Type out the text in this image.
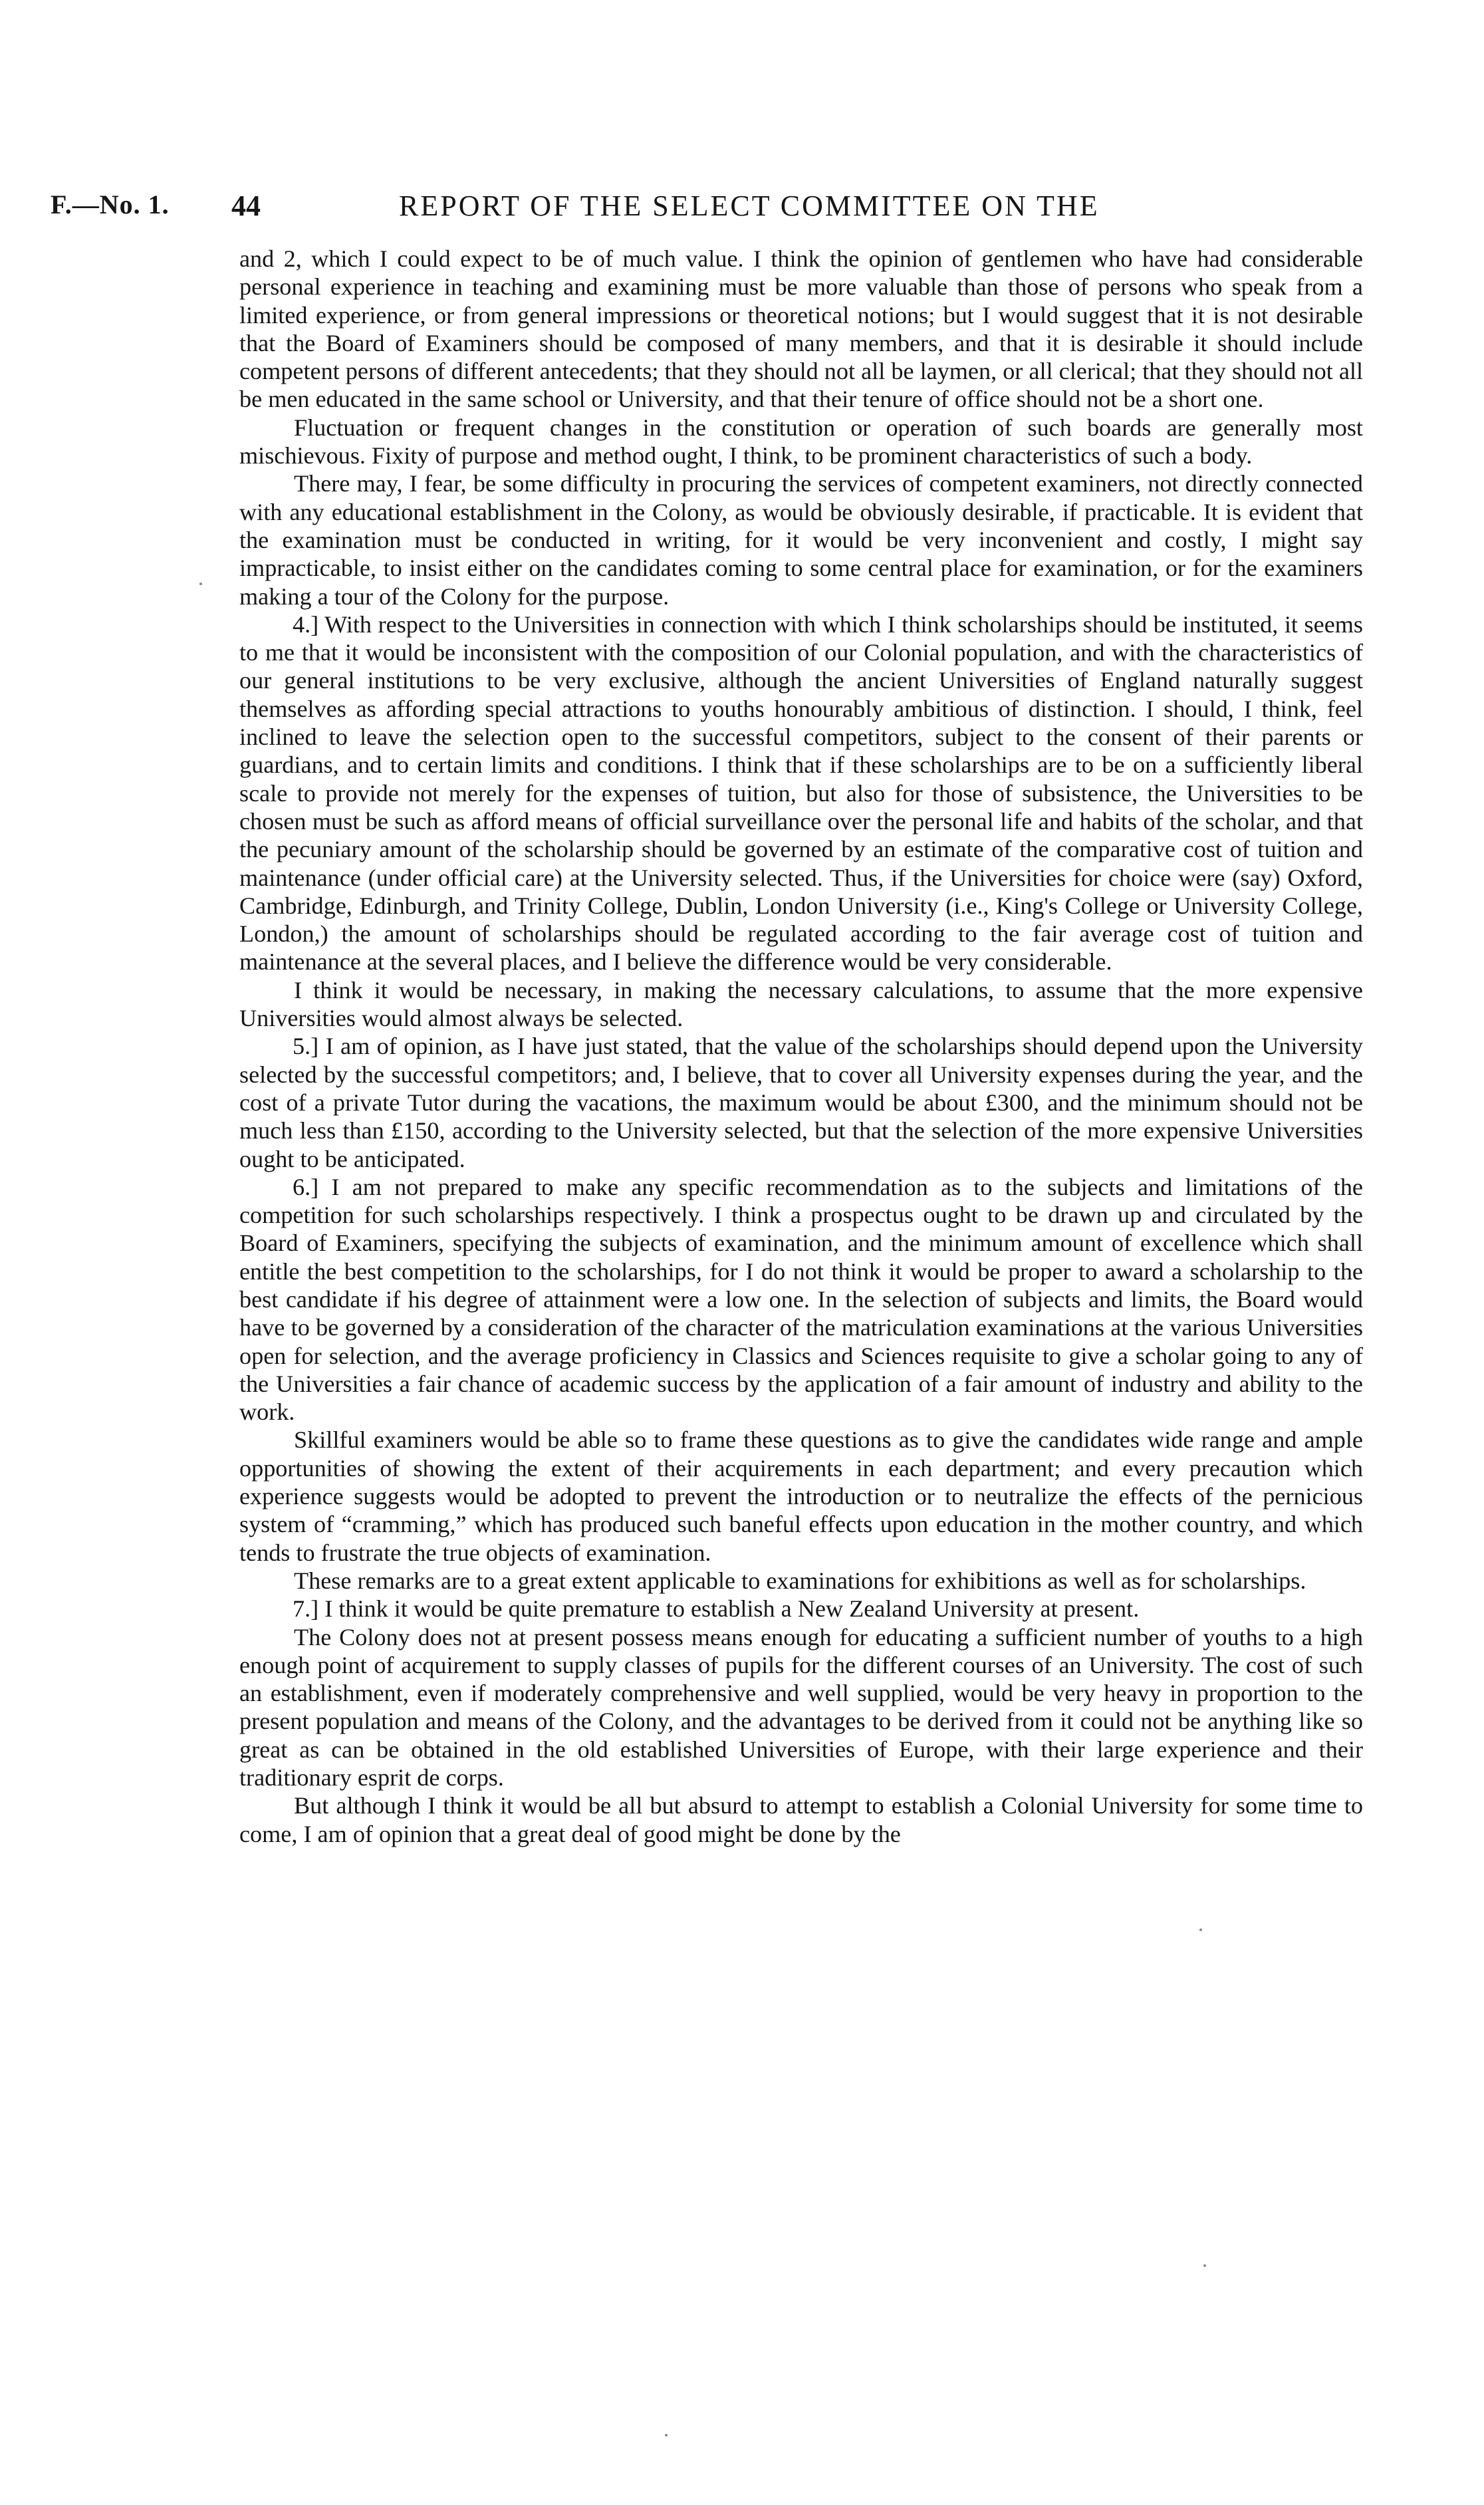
F.—No. 1. 44	REPORT OF THE SELECT COMMITTEE ON THE

and 2, which I could expect to be of much value. I think the opinion of gentlemen who have had considerable personal experience in teaching and examining must be more valuable than those of persons who speak from a limited experience, or from general impressions or theoretical notions; but I would suggest that it is not desirable that the Board of Examiners should be composed of many members, and that it is desirable it should include competent persons of different antecedents; that they should not all be laymen, or all clerical; that they should not all be men educated in the same school or University, and that their tenure of office should not be a short one.

Fluctuation or frequent changes in the constitution or operation of such boards are generally most mischievous. Fixity of purpose and method ought, I think, to be prominent characteristics of such a body.

There may, I fear, be some difficulty in procuring the services of competent examiners, not directly connected with any educational establishment in the Colony, as would be obviously desirable, if practicable. It is evident that the examination must be conducted in writing, for it would be very inconvenient and costly, I might say impracticable, to insist either on the candidates coming to some central place for examination, or for the examiners making a tour of the Colony for the purpose.

4.] With respect to the Universities in connection with which I think scholarships should be instituted, it seems to me that it would be inconsistent with the composition of our Colonial population, and with the characteristics of our general institutions to be very exclusive, although the ancient Universities of England naturally suggest themselves as affording special attractions to youths honourably ambitious of distinction. I should, I think, feel inclined to leave the selection open to the successful competitors, subject to the consent of their parents or guardians, and to certain limits and conditions. I think that if these scholarships are to be on a sufficiently liberal scale to provide not merely for the expenses of tuition, but also for those of subsistence, the Universities to be chosen must be such as afford means of official surveillance over the personal life and habits of the scholar, and that the pecuniary amount of the scholarship should be governed by an estimate of the comparative cost of tuition and maintenance (under official care) at the University selected. Thus, if the Universities for choice were (say) Oxford, Cambridge, Edinburgh, and Trinity College, Dublin, London University (i.e., King's College or University College, London,) the amount of scholarships should be regulated according to the fair average cost of tuition and maintenance at the several places, and I believe the difference would be very considerable.

I think it would be necessary, in making the necessary calculations, to assume that the more expensive Universities would almost always be selected.

5.] I am of opinion, as I have just stated, that the value of the scholarships should depend upon the University selected by the successful competitors; and, I believe, that to cover all University expenses during the year, and the cost of a private Tutor during the vacations, the maximum would be about £300, and the minimum should not be much less than £150, according to the University selected, but that the selection of the more expensive Universities ought to be anticipated.

6.] I am not prepared to make any specific recommendation as to the subjects and limitations of the competition for such scholarships respectively. I think a prospectus ought to be drawn up and circulated by the Board of Examiners, specifying the subjects of examination, and the minimum amount of excellence which shall entitle the best competition to the scholarships, for I do not think it would be proper to award a scholarship to the best candidate if his degree of attainment were a low one. In the selection of subjects and limits, the Board would have to be governed by a consideration of the character of the matriculation examinations at the various Universities open for selection, and the average proficiency in Classics and Sciences requisite to give a scholar going to any of the Universities a fair chance of academic success by the application of a fair amount of industry and ability to the work.

Skillful examiners would be able so to frame these questions as to give the candidates wide range and ample opportunities of showing the extent of their acquirements in each department; and every precaution which experience suggests would be adopted to prevent the introduction or to neutralize the effects of the pernicious system of “cramming,” which has produced such baneful effects upon education in the mother country, and which tends to frustrate the true objects of examination.

These remarks are to a great extent applicable to examinations for exhibitions as well as for scholarships.

7.] I think it would be quite premature to establish a New Zealand University at present.

The Colony does not at present possess means enough for educating a sufficient number of youths to a high enough point of acquirement to supply classes of pupils for the different courses of an University. The cost of such an establishment, even if moderately comprehensive and well supplied, would be very heavy in proportion to the present population and means of the Colony, and the advantages to be derived from it could not be anything like so great as can be obtained in the old established Universities of Europe, with their large experience and their traditionary esprit de corps.

But although I think it would be all but absurd to attempt to establish a Colonial University for some time to come, I am of opinion that a great deal of good might be done by the
